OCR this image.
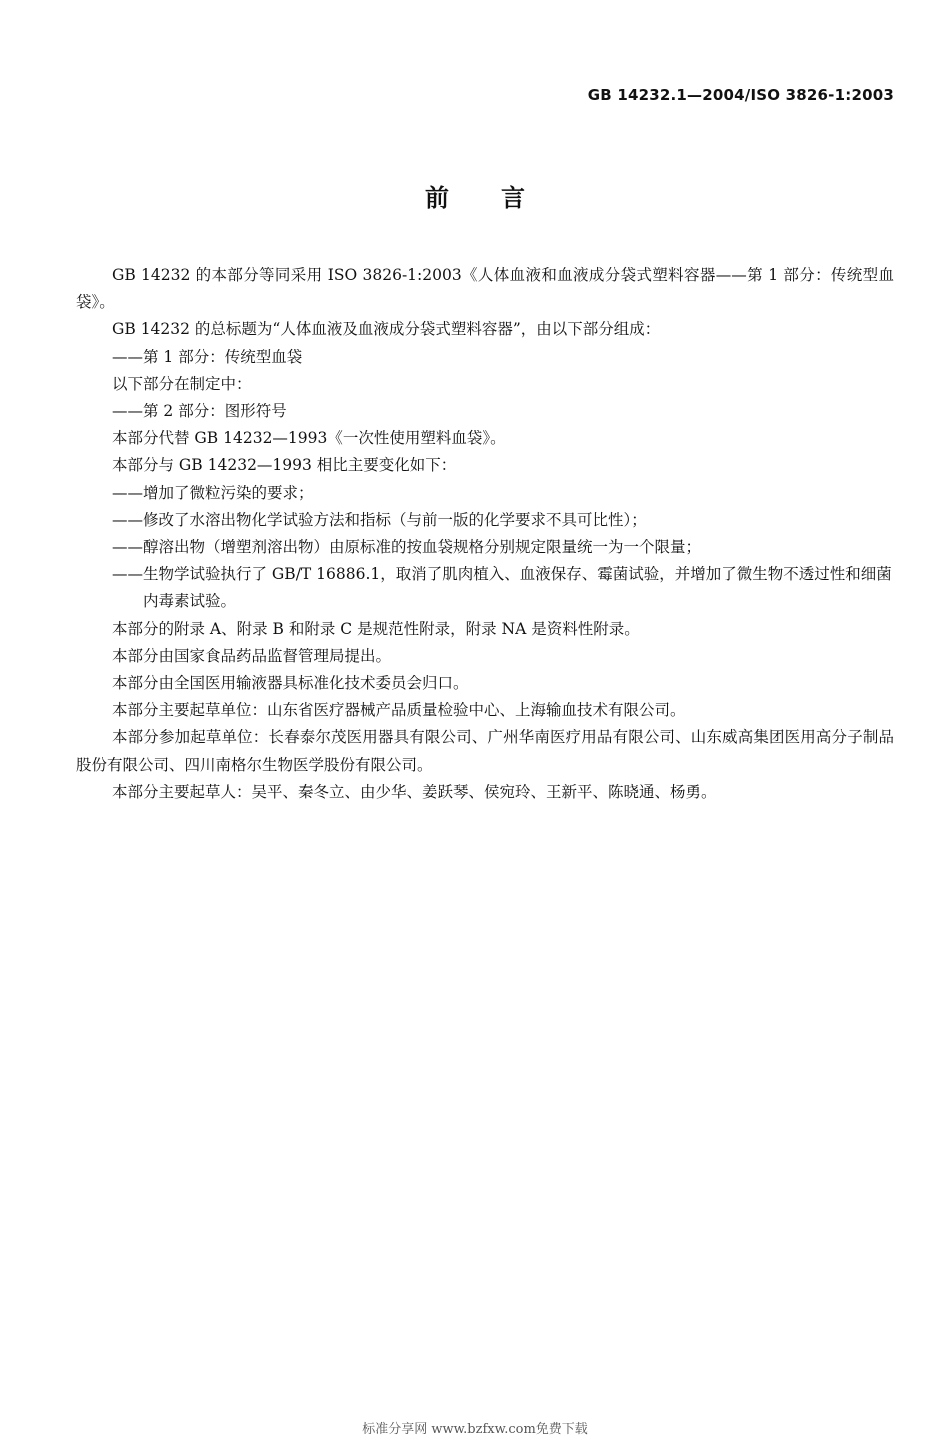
GB 14232.1—2004/ISO 3826-1:2003
前言

GB 14232 的本部分等同采用 ISO 3826-1:2003《人体血液和血液成分袋式塑料容器——第 1 部分：传统型血袋》。

GB 14232 的总标题为“人体血液及血液成分袋式塑料容器”，由以下部分组成：

——第 1 部分：传统型血袋

以下部分在制定中：

——第 2 部分：图形符号

本部分代替 GB 14232—1993《一次性使用塑料血袋》。

本部分与 GB 14232—1993 相比主要变化如下：

——增加了微粒污染的要求；

——修改了水溶出物化学试验方法和指标（与前一版的化学要求不具可比性）；

——醇溶出物（增塑剂溶出物）由原标准的按血袋规格分别规定限量统一为一个限量；

——生物学试验执行了 GB/T 16886.1，取消了肌肉植入、血液保存、霉菌试验，并增加了微生物不透过性和细菌内毒素试验。

本部分的附录 A、附录 B 和附录 C 是规范性附录，附录 NA 是资料性附录。

本部分由国家食品药品监督管理局提出。

本部分由全国医用输液器具标准化技术委员会归口。

本部分主要起草单位：山东省医疗器械产品质量检验中心、上海输血技术有限公司。

本部分参加起草单位：长春泰尔茂医用器具有限公司、广州华南医疗用品有限公司、山东威高集团医用高分子制品股份有限公司、四川南格尔生物医学股份有限公司。

本部分主要起草人：吴平、秦冬立、由少华、姜跃琴、侯宛玲、王新平、陈晓通、杨勇。

标准分享网 www.bzfxw.com免费下载
